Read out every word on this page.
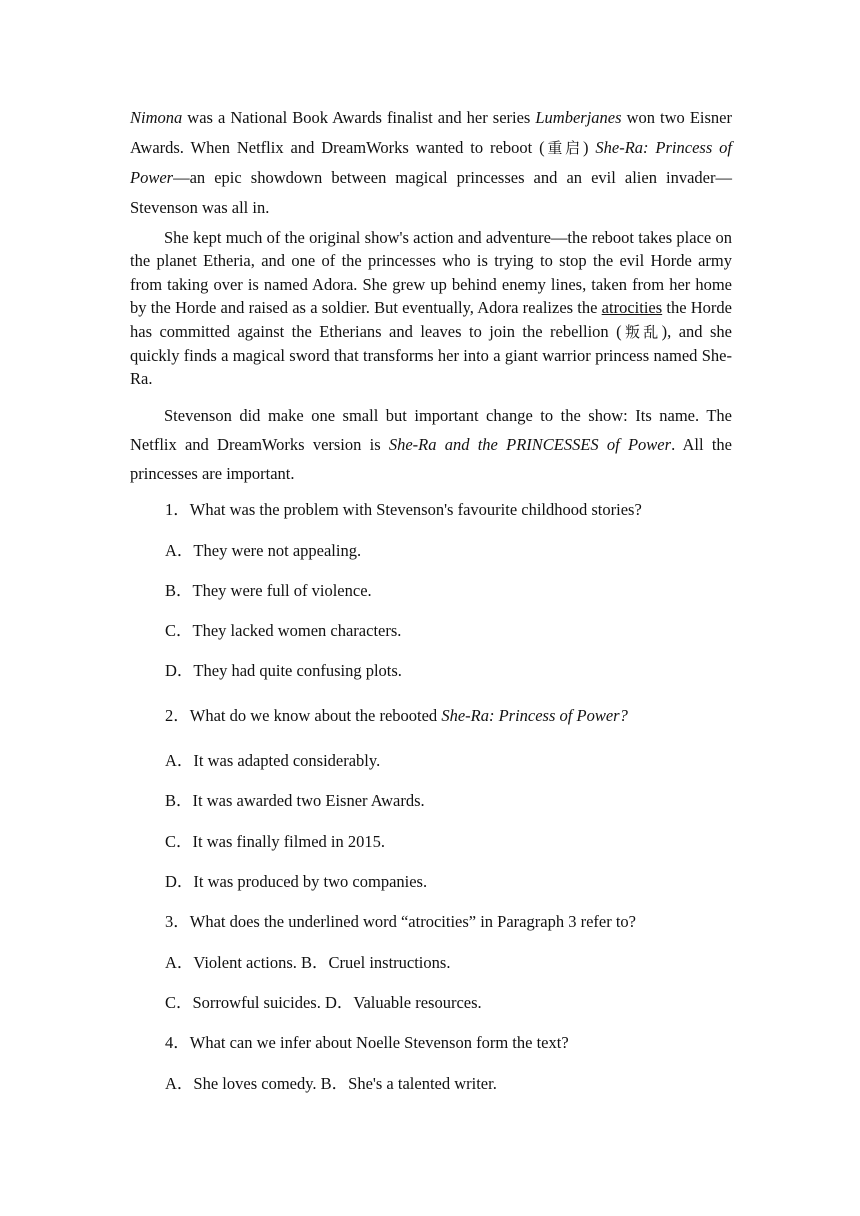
Nimona was a National Book Awards finalist and her series Lumberjanes won two Eisner Awards. When Netflix and DreamWorks wanted to reboot (重启) She-Ra: Princess of Power—an epic showdown between magical princesses and an evil alien invader—Stevenson was all in.

She kept much of the original show's action and adventure—the reboot takes place on the planet Etheria, and one of the princesses who is trying to stop the evil Horde army from taking over is named Adora. She grew up behind enemy lines, taken from her home by the Horde and raised as a soldier. But eventually, Adora realizes the atrocities the Horde has committed against the Etherians and leaves to join the rebellion (叛乱), and she quickly finds a magical sword that transforms her into a giant warrior princess named She-Ra.

Stevenson did make one small but important change to the show: Its name. The Netflix and DreamWorks version is She-Ra and the PRINCESSES of Power. All the princesses are important.

1．What was the problem with Stevenson's favourite childhood stories?

A．They were not appealing.

B．They were full of violence.

C．They lacked women characters.

D．They had quite confusing plots.

2．What do we know about the rebooted She-Ra: Princess of Power?

A．It was adapted considerably.

B．It was awarded two Eisner Awards.

C．It was finally filmed in 2015.

D．It was produced by two companies.

3．What does the underlined word “atrocities” in Paragraph 3 refer to?

A．Violent actions. B．Cruel instructions.

C．Sorrowful suicides. D．Valuable resources.

4．What can we infer about Noelle Stevenson form the text?

A．She loves comedy. B．She's a talented writer.
